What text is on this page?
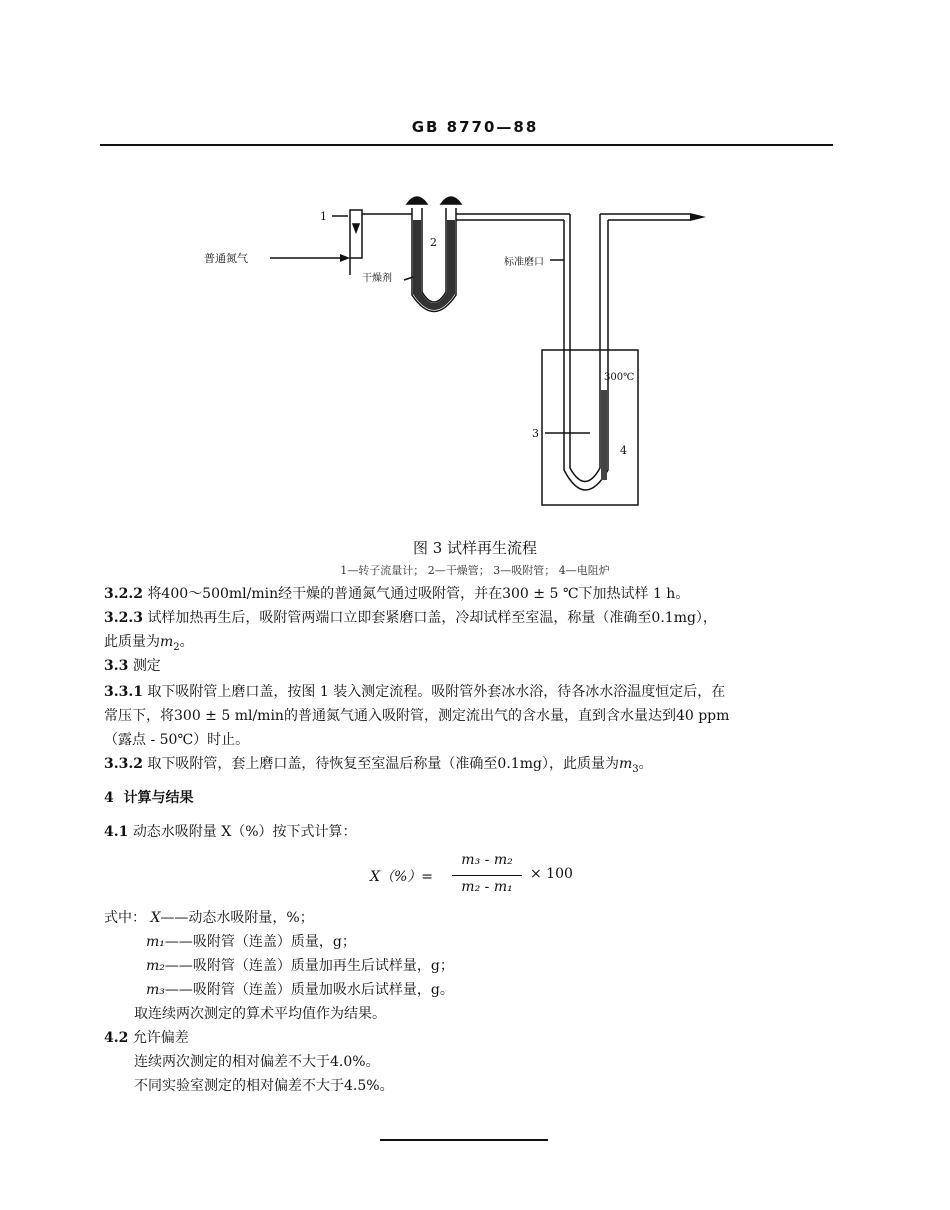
GB 8770—88
1
2
3
4
普通氮气
干燥剂
标准磨口
300℃
图 3 试样再生流程
1—转子流量计； 2—干燥管； 3—吸附管； 4—电阻炉
3.2.2 将400～500ml/min经干燥的普通氮气通过吸附管，并在300 ± 5 ℃下加热试样 1 h。
3.2.3 试样加热再生后，吸附管两端口立即套紧磨口盖，冷却试样至室温，称量（准确至0.1mg），
此质量为$m_2$。
3.3 测定
3.3.1 取下吸附管上磨口盖，按图 1 装入测定流程。吸附管外套冰水浴，待各冰水浴温度恒定后，在
常压下，将300 ± 5 ml/min的普通氮气通入吸附管，测定流出气的含水量，直到含水量达到40 ppm
（露点 - 50℃）时止。
3.3.2 取下吸附管，套上磨口盖，待恢复至室温后称量（准确至0.1mg），此质量为$m_3$。
4 计算与结果
4.1 动态水吸附量 X（%）按下式计算：
X（%）=
m₃ - m₂
m₂ - m₁
× 100
式中： X——动态水吸附量，%；
m₁——吸附管（连盖）质量，g；
m₂——吸附管（连盖）质量加再生后试样量，g；
m₃——吸附管（连盖）质量加吸水后试样量，g。
取连续两次测定的算术平均值作为结果。
4.2 允许偏差
连续两次测定的相对偏差不大于4.0%。
不同实验室测定的相对偏差不大于4.5%。
